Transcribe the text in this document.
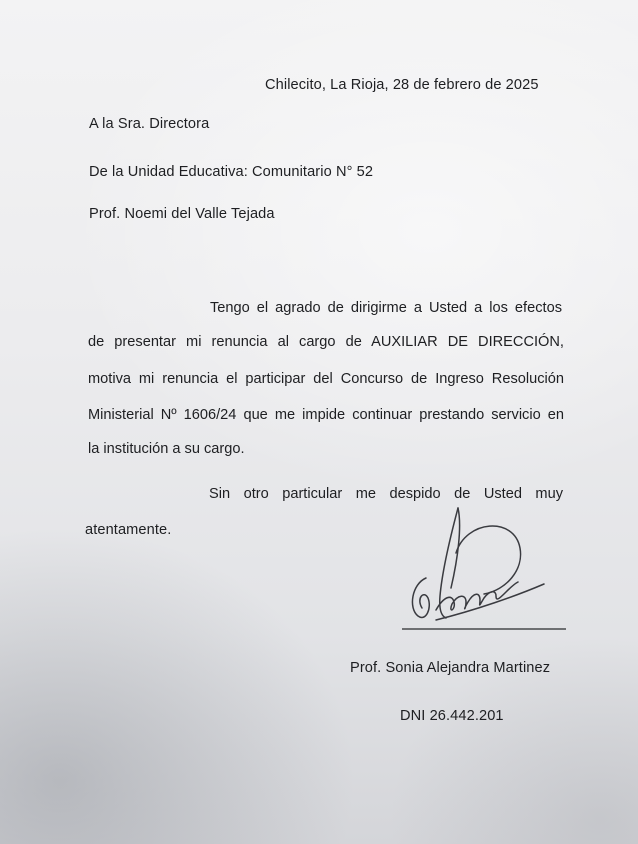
Chilecito, La Rioja, 28 de febrero de 2025
A la Sra. Directora
De la Unidad Educativa: Comunitario N° 52
Prof. Noemi del Valle Tejada
Tengo el agrado de dirigirme a Usted a los efectos
de presentar mi renuncia al cargo de AUXILIAR DE DIRECCIÓN,
motiva mi renuncia el participar del Concurso de Ingreso Resolución
Ministerial Nº 1606/24 que me impide continuar prestando servicio en
la institución a su cargo.
Sin otro particular me despido de Usted muy
atentamente.
Prof. Sonia Alejandra Martinez
DNI 26.442.201
